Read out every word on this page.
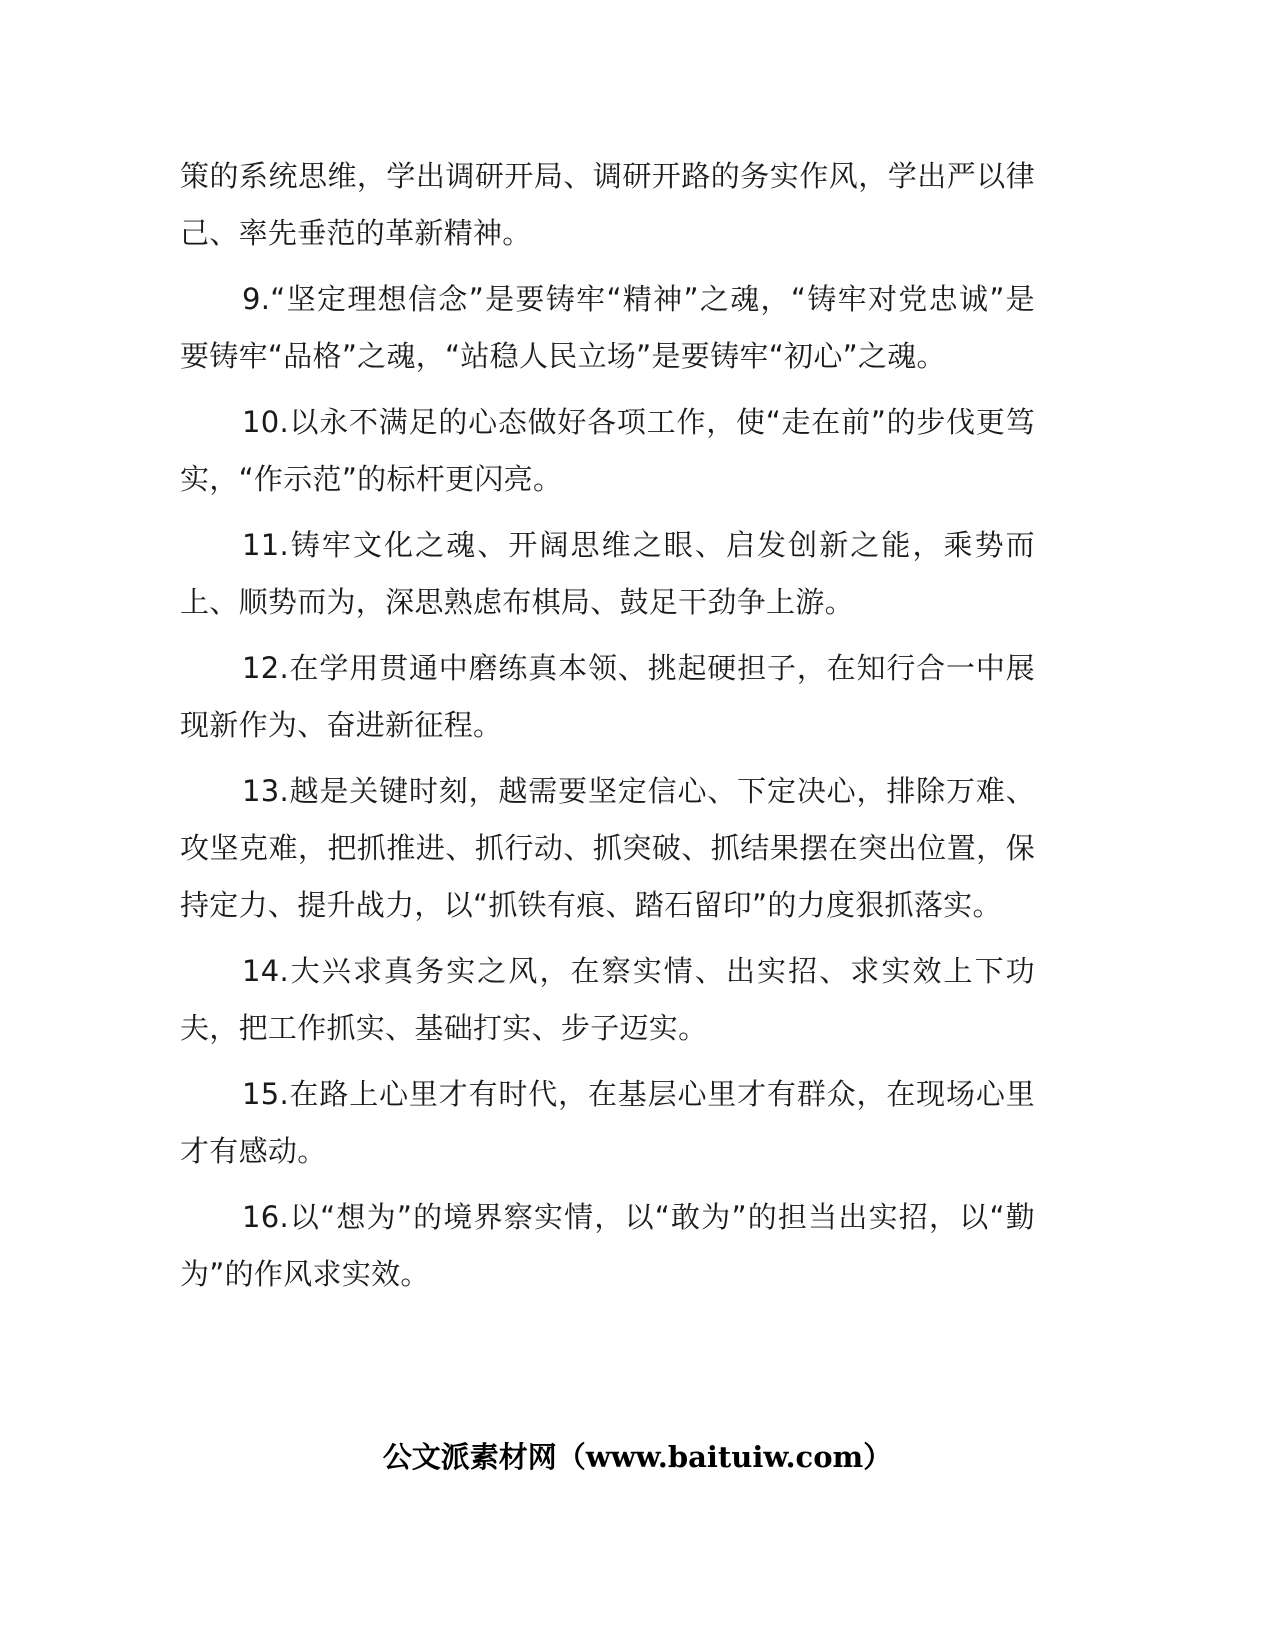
策的系统思维，学出调研开局、调研开路的务实作风，学出严以律己、率先垂范的革新精神。

9.“坚定理想信念”是要铸牢“精神”之魂，“铸牢对党忠诚”是要铸牢“品格”之魂，“站稳人民立场”是要铸牢“初心”之魂。

10.以永不满足的心态做好各项工作，使“走在前”的步伐更笃实，“作示范”的标杆更闪亮。

11.铸牢文化之魂、开阔思维之眼、启发创新之能，乘势而上、顺势而为，深思熟虑布棋局、鼓足干劲争上游。

12.在学用贯通中磨练真本领、挑起硬担子，在知行合一中展现新作为、奋进新征程。

13.越是关键时刻，越需要坚定信心、下定决心，排除万难、攻坚克难，把抓推进、抓行动、抓突破、抓结果摆在突出位置，保持定力、提升战力，以“抓铁有痕、踏石留印”的力度狠抓落实。

14.大兴求真务实之风，在察实情、出实招、求实效上下功夫，把工作抓实、基础打实、步子迈实。

15.在路上心里才有时代，在基层心里才有群众，在现场心里才有感动。

16.以“想为”的境界察实情，以“敢为”的担当出实招，以“勤为”的作风求实效。

公文派素材网（www.baituiw.com）
